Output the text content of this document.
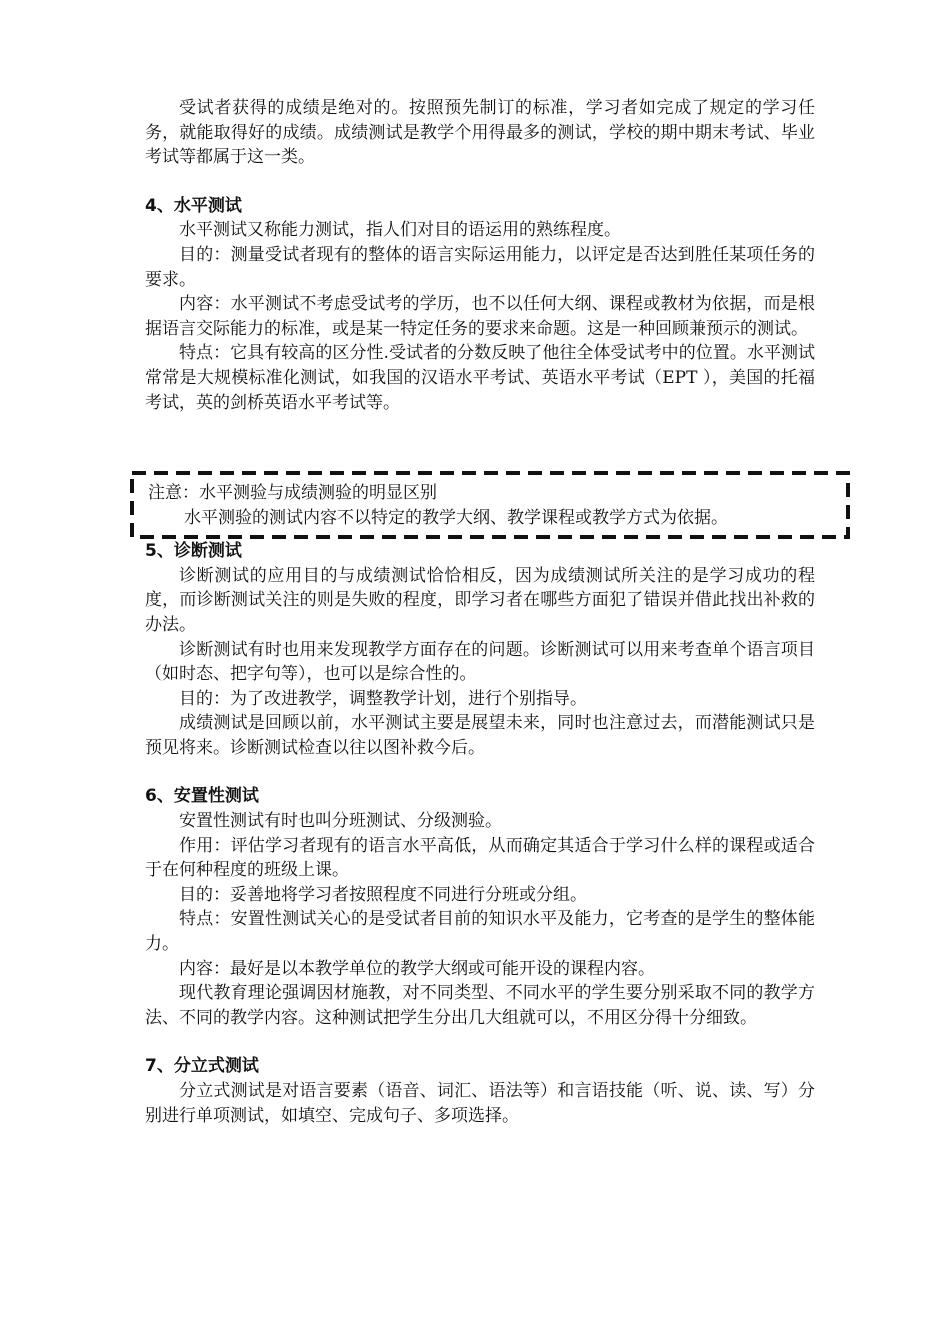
受试者获得的成绩是绝对的。按照预先制订的标准，学习者如完成了规定的学习任务，就能取得好的成绩。成绩测试是教学个用得最多的测试，学校的期中期末考试、毕业考试等都属于这一类。

4、水平测试

水平测试又称能力测试，指人们对目的语运用的熟练程度。

目的：测量受试者现有的整体的语言实际运用能力，以评定是否达到胜任某项任务的要求。

内容：水平测试不考虑受试考的学历，也不以任何大纲、课程或教材为依据，而是根据语言交际能力的标准，或是某一特定任务的要求来命题。这是一种回顾兼预示的测试。

特点：它具有较高的区分性.受试者的分数反映了他往全体受试考中的位置。水平测试常常是大规模标准化测试，如我国的汉语水平考试、英语水平考试（EPT ），美国的托福考试，英的剑桥英语水平考试等。

5、诊断测试

诊断测试的应用目的与成绩测试恰恰相反，因为成绩测试所关注的是学习成功的程度，而诊断测试关注的则是失败的程度，即学习者在哪些方面犯了错误并借此找出补救的办法。

诊断测试有时也用来发现教学方面存在的问题。诊断测试可以用来考查单个语言项目（如时态、把字句等），也可以是综合性的。

目的：为了改进教学，调整教学计划，进行个别指导。

成绩测试是回顾以前，水平测试主要是展望未来，同时也注意过去，而潜能测试只是预见将来。诊断测试检查以往以图补救今后。

6、安置性测试

安置性测试有时也叫分班测试、分级测验。

作用：评估学习者现有的语言水平高低，从而确定其适合于学习什么样的课程或适合于在何种程度的班级上课。

目的：妥善地将学习者按照程度不同进行分班或分组。

特点：安置性测试关心的是受试者目前的知识水平及能力，它考查的是学生的整体能力。

内容：最好是以本教学单位的教学大纲或可能开设的课程内容。

现代教育理论强调因材施教，对不同类型、不同水平的学生要分别采取不同的教学方法、不同的教学内容。这种测试把学生分出几大组就可以，不用区分得十分细致。

7、分立式测试

分立式测试是对语言要素（语音、词汇、语法等）和言语技能（听、说、读、写）分别进行单项测试，如填空、完成句子、多项选择。

注意：水平测验与成绩测验的明显区别
水平测验的测试内容不以特定的教学大纲、教学课程或教学方式为依据。
